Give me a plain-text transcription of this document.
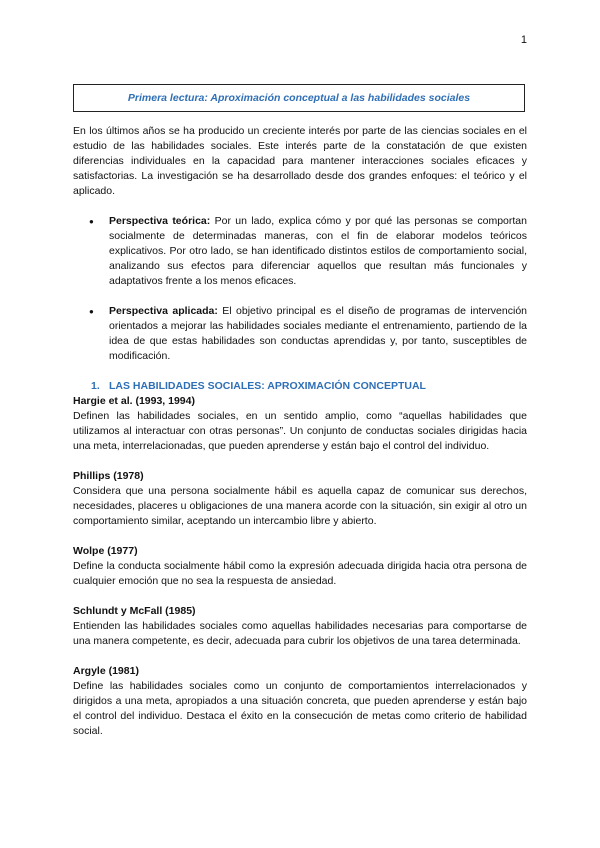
1
Primera lectura: Aproximación conceptual a las habilidades sociales

En los últimos años se ha producido un creciente interés por parte de las ciencias sociales en el estudio de las habilidades sociales. Este interés parte de la constatación de que existen diferencias individuales en la capacidad para mantener interacciones sociales eficaces y satisfactorias. La investigación se ha desarrollado desde dos grandes enfoques: el teórico y el aplicado.

● Perspectiva teórica: Por un lado, explica cómo y por qué las personas se comportan socialmente de determinadas maneras, con el fin de elaborar modelos teóricos explicativos. Por otro lado, se han identificado distintos estilos de comportamiento social, analizando sus efectos para diferenciar aquellos que resultan más funcionales y adaptativos frente a los menos eficaces.
● Perspectiva aplicada: El objetivo principal es el diseño de programas de intervención orientados a mejorar las habilidades sociales mediante el entrenamiento, partiendo de la idea de que estas habilidades son conductas aprendidas y, por tanto, susceptibles de modificación.

1. LAS HABILIDADES SOCIALES: APROXIMACIÓN CONCEPTUAL

Hargie et al. (1993, 1994)

Definen las habilidades sociales, en un sentido amplio, como “aquellas habilidades que utilizamos al interactuar con otras personas”. Un conjunto de conductas sociales dirigidas hacia una meta, interrelacionadas, que pueden aprenderse y están bajo el control del individuo.

Phillips (1978)

Considera que una persona socialmente hábil es aquella capaz de comunicar sus derechos, necesidades, placeres u obligaciones de una manera acorde con la situación, sin exigir al otro un comportamiento similar, aceptando un intercambio libre y abierto.

Wolpe (1977)

Define la conducta socialmente hábil como la expresión adecuada dirigida hacia otra persona de cualquier emoción que no sea la respuesta de ansiedad.

Schlundt y McFall (1985)

Entienden las habilidades sociales como aquellas habilidades necesarias para comportarse de una manera competente, es decir, adecuada para cubrir los objetivos de una tarea determinada.

Argyle (1981)

Define las habilidades sociales como un conjunto de comportamientos interrelacionados y dirigidos a una meta, apropiados a una situación concreta, que pueden aprenderse y están bajo el control del individuo. Destaca el éxito en la consecución de metas como criterio de habilidad social.
